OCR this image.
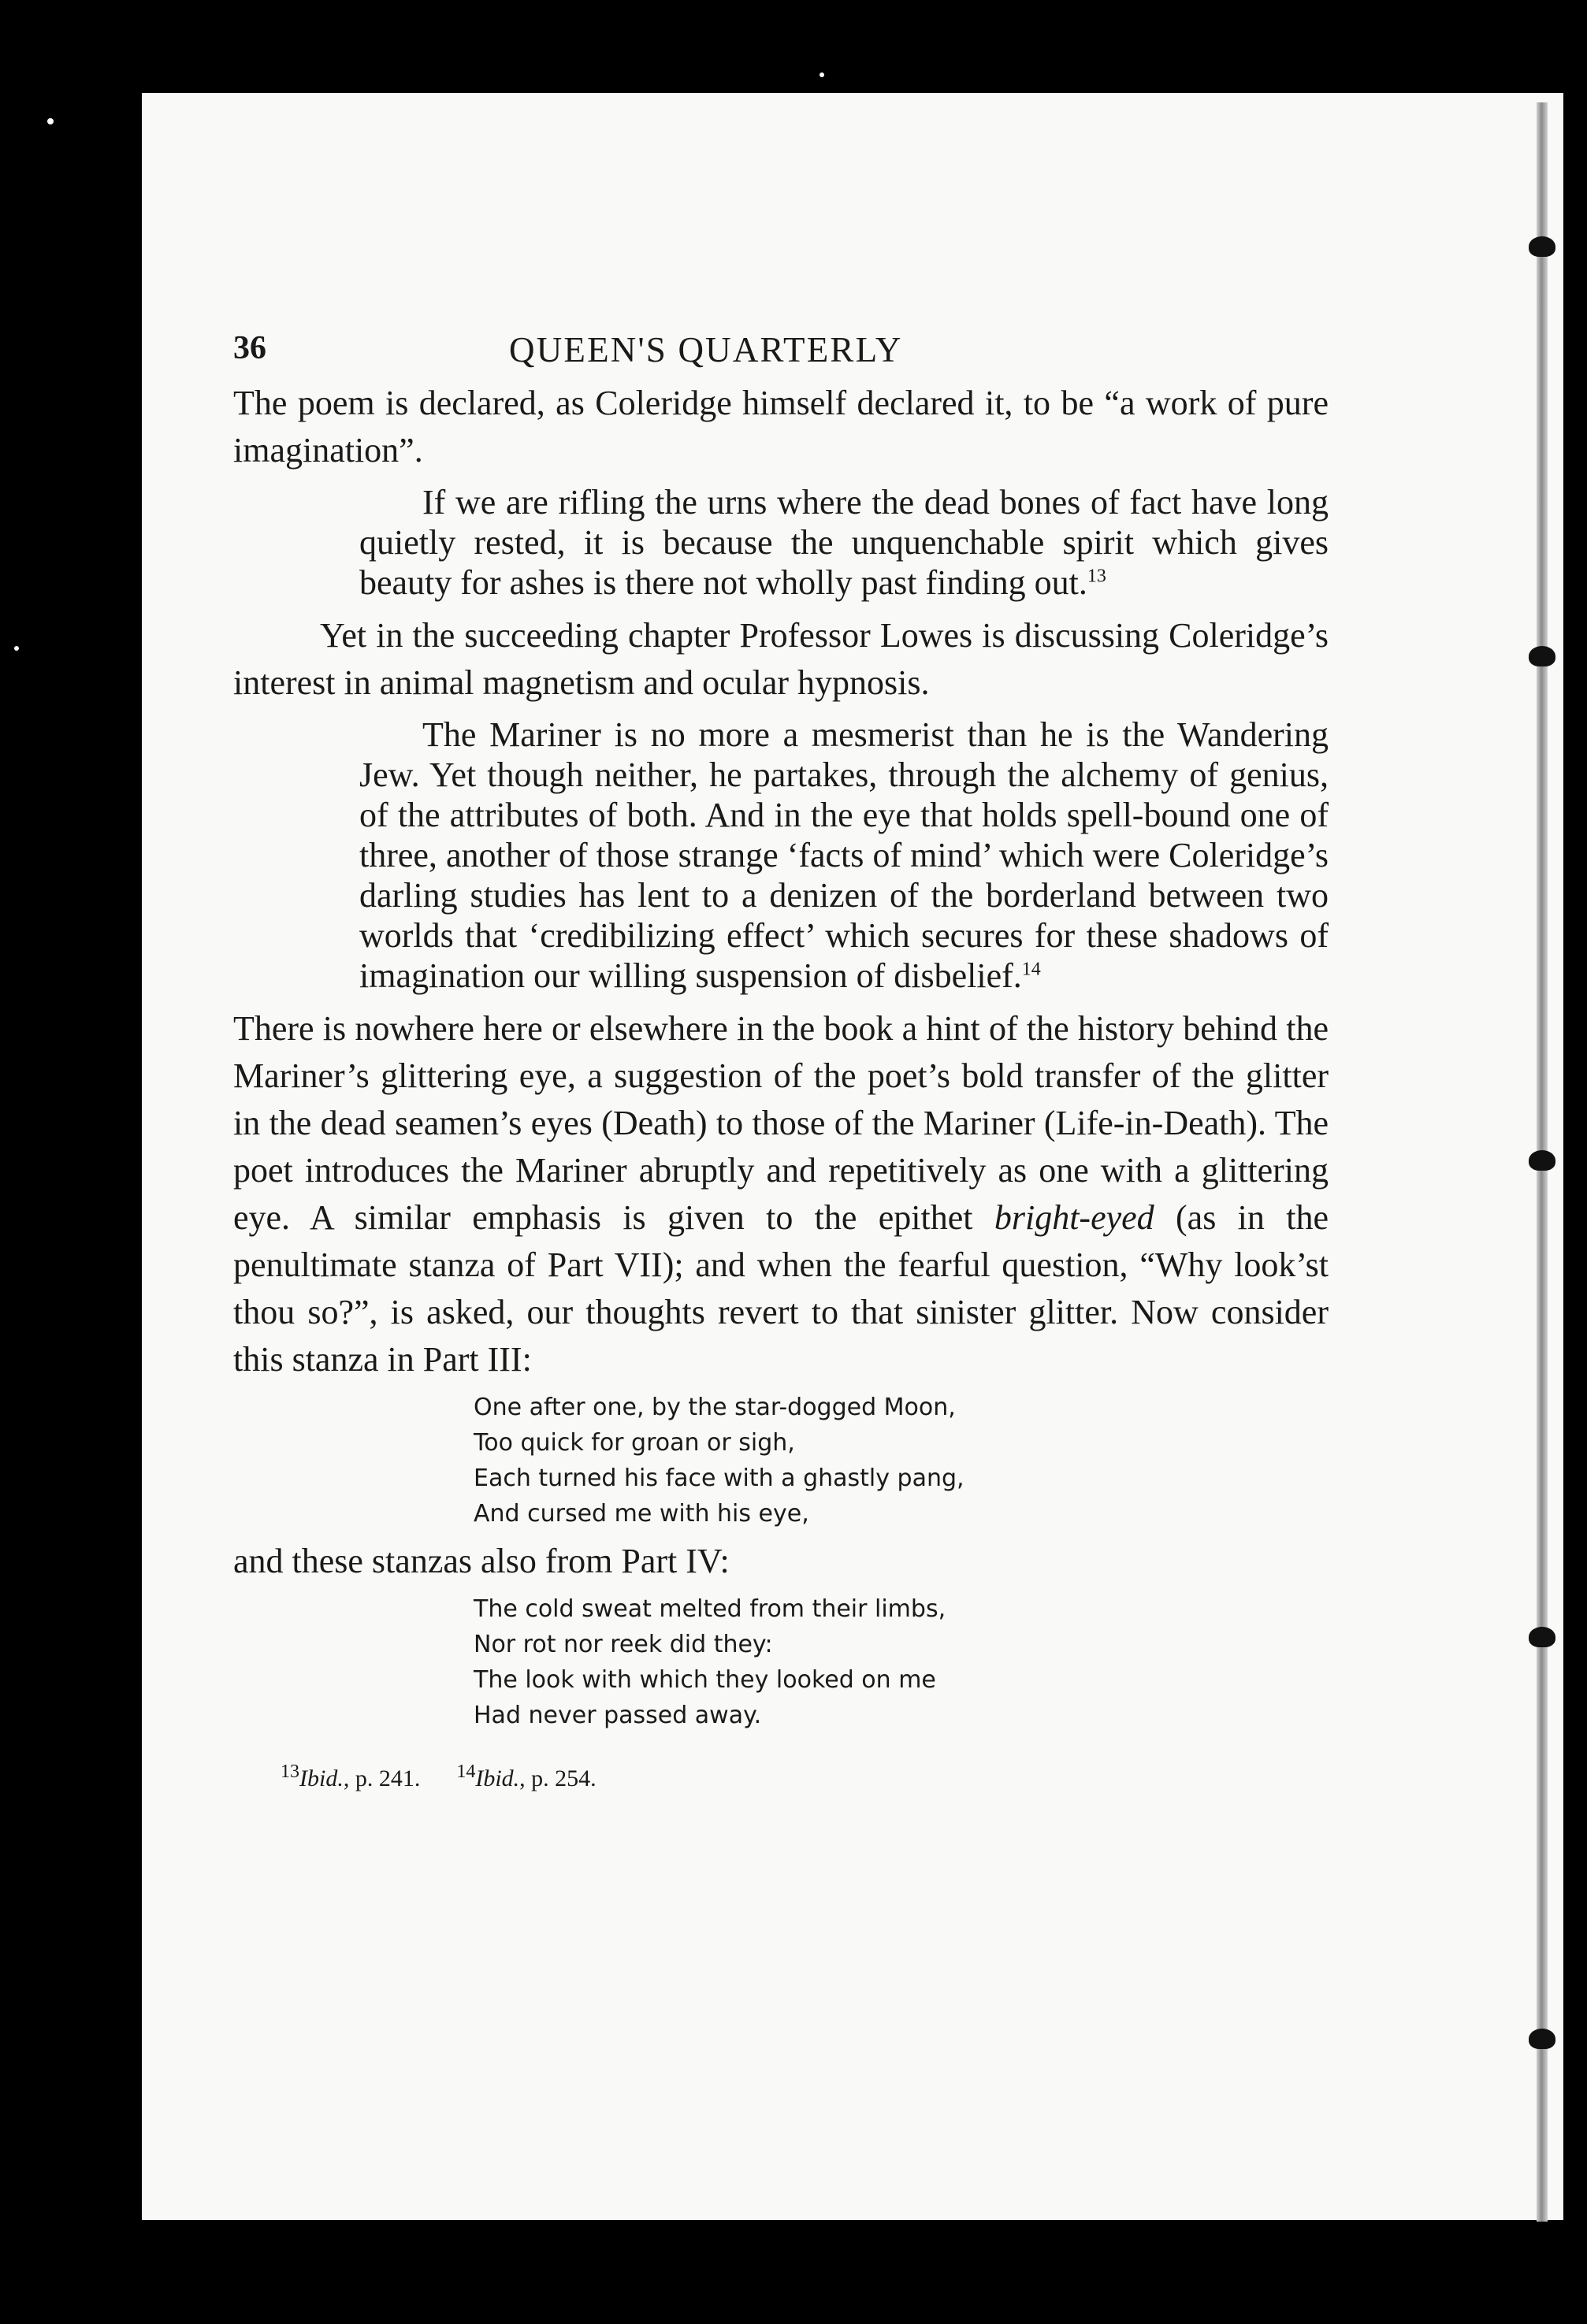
36	QUEEN'S QUARTERLY

The poem is declared, as Coleridge himself declared it, to be “a work of pure imagination”.

If we are rifling the urns where the dead bones of fact have long quietly rested, it is because the unquenchable spirit which gives beauty for ashes is there not wholly past finding out.$^{13}$

Yet in the succeeding chapter Professor Lowes is discussing Coleridge’s interest in animal magnetism and ocular hypnosis.

The Mariner is no more a mesmerist than he is the Wandering Jew. Yet though neither, he partakes, through the alchemy of genius, of the attributes of both. And in the eye that holds spell-bound one of three, another of those strange ‘facts of mind’ which were Coleridge’s darling studies has lent to a denizen of the borderland between two worlds that ‘credibilizing effect’ which secures for these shadows of imagination our willing suspension of disbelief.$^{14}$

There is nowhere here or elsewhere in the book a hint of the history behind the Mariner’s glittering eye, a suggestion of the poet’s bold transfer of the glitter in the dead seamen’s eyes (Death) to those of the Mariner (Life-in-Death). The poet introduces the Mariner abruptly and repetitively as one with a glittering eye. A similar emphasis is given to the epithet bright-eyed (as in the penultimate stanza of Part VII); and when the fearful question, “Why look’st thou so?”, is asked, our thoughts revert to that sinister glitter. Now consider this stanza in Part III:

One after one, by the star-dogged Moon,
Too quick for groan or sigh,
Each turned his face with a ghastly pang,
And cursed me with his eye,

and these stanzas also from Part IV:

The cold sweat melted from their limbs,
Nor rot nor reek did they:
The look with which they looked on me
Had never passed away.
$^{13}$Ibid., p. 241. $^{14}$Ibid., p. 254.
